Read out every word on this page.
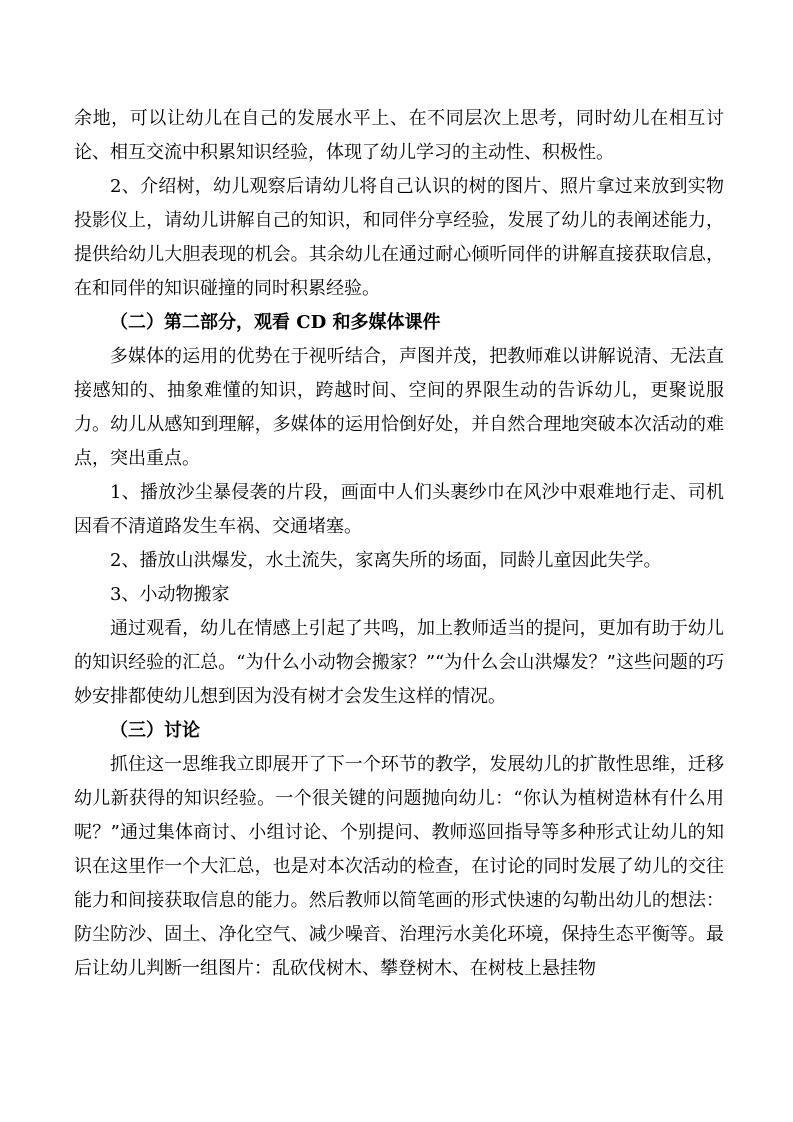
余地，可以让幼儿在自己的发展水平上、在不同层次上思考，同时幼儿在相互讨论、相互交流中积累知识经验，体现了幼儿学习的主动性、积极性。

2、介绍树，幼儿观察后请幼儿将自己认识的树的图片、照片拿过来放到实物投影仪上，请幼儿讲解自己的知识，和同伴分享经验，发展了幼儿的表阐述能力，提供给幼儿大胆表现的机会。其余幼儿在通过耐心倾听同伴的讲解直接获取信息，在和同伴的知识碰撞的同时积累经验。

（二）第二部分，观看 CD 和多媒体课件

多媒体的运用的优势在于视听结合，声图并茂，把教师难以讲解说清、无法直接感知的、抽象难懂的知识，跨越时间、空间的界限生动的告诉幼儿，更聚说服力。幼儿从感知到理解，多媒体的运用恰倒好处，并自然合理地突破本次活动的难点，突出重点。

1、播放沙尘暴侵袭的片段，画面中人们头裹纱巾在风沙中艰难地行走、司机因看不清道路发生车祸、交通堵塞。

2、播放山洪爆发，水土流失，家离失所的场面，同龄儿童因此失学。

3、小动物搬家

通过观看，幼儿在情感上引起了共鸣，加上教师适当的提问，更加有助于幼儿的知识经验的汇总。“为什么小动物会搬家？”“为什么会山洪爆发？”这些问题的巧妙安排都使幼儿想到因为没有树才会发生这样的情况。

（三）讨论

抓住这一思维我立即展开了下一个环节的教学，发展幼儿的扩散性思维，迁移幼儿新获得的知识经验。一个很关键的问题抛向幼儿：“你认为植树造林有什么用呢？”通过集体商讨、小组讨论、个别提问、教师巡回指导等多种形式让幼儿的知识在这里作一个大汇总，也是对本次活动的检查，在讨论的同时发展了幼儿的交往能力和间接获取信息的能力。然后教师以简笔画的形式快速的勾勒出幼儿的想法：防尘防沙、固土、净化空气、减少噪音、治理污水美化环境，保持生态平衡等。最后让幼儿判断一组图片：乱砍伐树木、攀登树木、在树枝上悬挂物
